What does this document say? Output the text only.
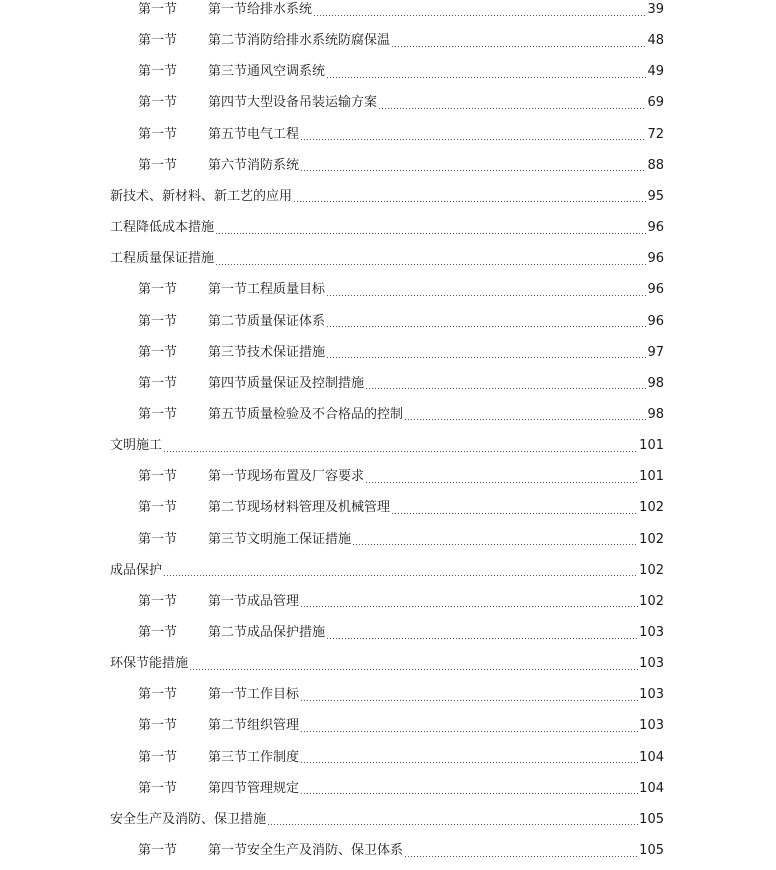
第一节 第一节给排水系统	39
第一节 第二节消防给排水系统防腐保温	48
第一节 第三节通风空调系统	49
第一节 第四节大型设备吊装运输方案	69
第一节 第五节电气工程	72
第一节 第六节消防系统	88
新技术、新材料、新工艺的应用	95
工程降低成本措施	96
工程质量保证措施	96
第一节 第一节工程质量目标	96
第一节 第二节质量保证体系	96
第一节 第三节技术保证措施	97
第一节 第四节质量保证及控制措施	98
第一节 第五节质量检验及不合格品的控制	98
文明施工	101
第一节 第一节现场布置及厂容要求	101
第一节 第二节现场材料管理及机械管理	102
第一节 第三节文明施工保证措施	102
成品保护	102
第一节 第一节成品管理	102
第一节 第二节成品保护措施	103
环保节能措施	103
第一节 第一节工作目标	103
第一节 第二节组织管理	103
第一节 第三节工作制度	104
第一节 第四节管理规定	104
安全生产及消防、保卫措施	105
第一节 第一节安全生产及消防、保卫体系	105
